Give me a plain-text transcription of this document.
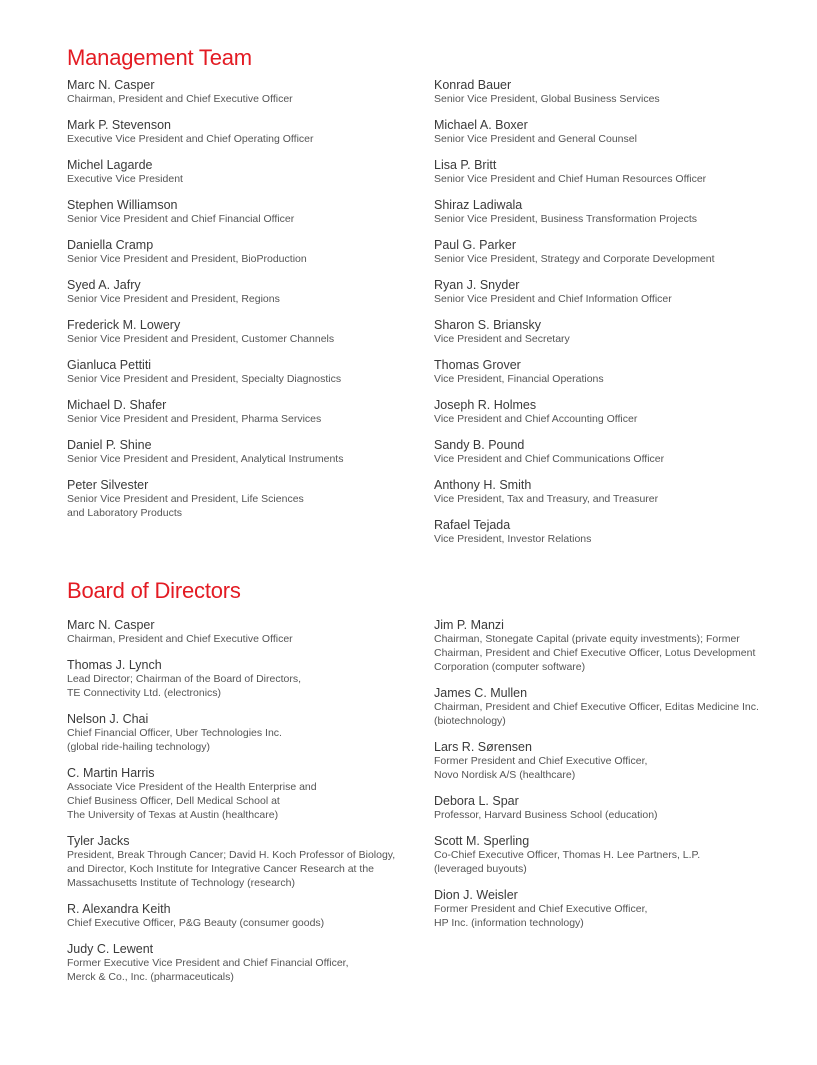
Management Team
Marc N. Casper
Chairman, President and Chief Executive Officer
Mark P. Stevenson
Executive Vice President and Chief Operating Officer
Michel Lagarde
Executive Vice President
Stephen Williamson
Senior Vice President and Chief Financial Officer
Daniella Cramp
Senior Vice President and President, BioProduction
Syed A. Jafry
Senior Vice President and President, Regions
Frederick M. Lowery
Senior Vice President and President, Customer Channels
Gianluca Pettiti
Senior Vice President and President, Specialty Diagnostics
Michael D. Shafer
Senior Vice President and President, Pharma Services
Daniel P. Shine
Senior Vice President and President, Analytical Instruments
Peter Silvester
Senior Vice President and President, Life Sciences
and Laboratory Products
Konrad Bauer
Senior Vice President, Global Business Services
Michael A. Boxer
Senior Vice President and General Counsel
Lisa P. Britt
Senior Vice President and Chief Human Resources Officer
Shiraz Ladiwala
Senior Vice President, Business Transformation Projects
Paul G. Parker
Senior Vice President, Strategy and Corporate Development
Ryan J. Snyder
Senior Vice President and Chief Information Officer
Sharon S. Briansky
Vice President and Secretary
Thomas Grover
Vice President, Financial Operations
Joseph R. Holmes
Vice President and Chief Accounting Officer
Sandy B. Pound
Vice President and Chief Communications Officer
Anthony H. Smith
Vice President, Tax and Treasury, and Treasurer
Rafael Tejada
Vice President, Investor Relations
Board of Directors
Marc N. Casper
Chairman, President and Chief Executive Officer
Thomas J. Lynch
Lead Director; Chairman of the Board of Directors,
TE Connectivity Ltd. (electronics)
Nelson J. Chai
Chief Financial Officer, Uber Technologies Inc.
(global ride-hailing technology)
C. Martin Harris
Associate Vice President of the Health Enterprise and
Chief Business Officer, Dell Medical School at
The University of Texas at Austin (healthcare)
Tyler Jacks
President, Break Through Cancer; David H. Koch Professor of Biology,
and Director, Koch Institute for Integrative Cancer Research at the
Massachusetts Institute of Technology (research)
R. Alexandra Keith
Chief Executive Officer, P&G Beauty (consumer goods)
Judy C. Lewent
Former Executive Vice President and Chief Financial Officer,
Merck & Co., Inc. (pharmaceuticals)
Jim P. Manzi
Chairman, Stonegate Capital (private equity investments); Former
Chairman, President and Chief Executive Officer, Lotus Development
Corporation (computer software)
James C. Mullen
Chairman, President and Chief Executive Officer, Editas Medicine Inc.
(biotechnology)
Lars R. Sørensen
Former President and Chief Executive Officer,
Novo Nordisk A/S (healthcare)
Debora L. Spar
Professor, Harvard Business School (education)
Scott M. Sperling
Co-Chief Executive Officer, Thomas H. Lee Partners, L.P.
(leveraged buyouts)
Dion J. Weisler
Former President and Chief Executive Officer,
HP Inc. (information technology)
